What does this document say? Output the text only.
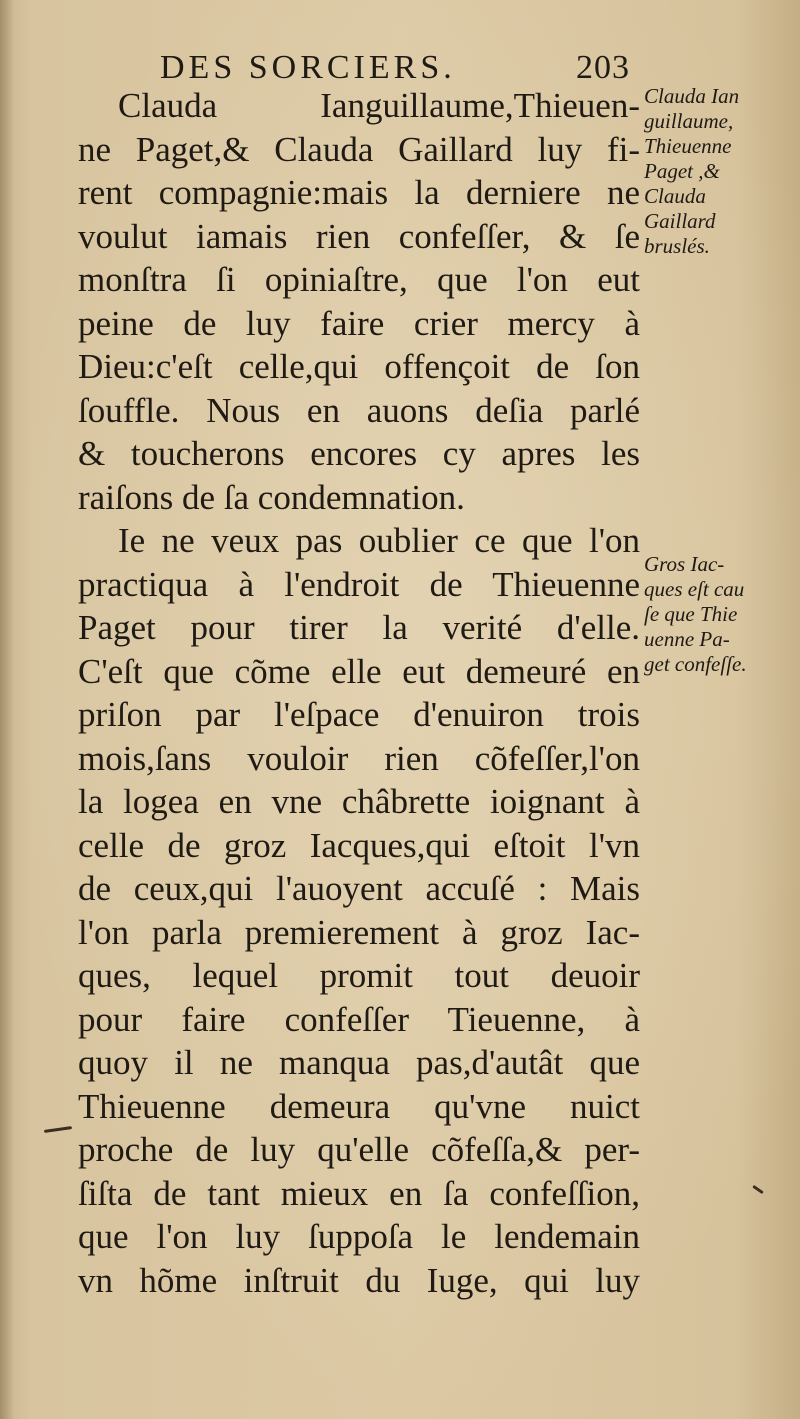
DES SORCIERS.	203
Clauda Ianguillaume,Thieuen-
ne Paget,& Clauda Gaillard luy fi-
rent compagnie:mais la derniere ne
voulut iamais rien confeſſer, & ſe
monſtra ſi opiniaſtre, que l'on eut
peine de luy faire crier mercy à
Dieu:c'eſt celle,qui offençoit de ſon
ſouffle. Nous en auons deſia parlé
& toucherons encores cy apres les
raiſons de ſa condemnation.
Ie ne veux pas oublier ce que l'on
practiqua à l'endroit de Thieuenne
Paget pour tirer la verité d'elle.
C'eſt que cõme elle eut demeuré en
priſon par l'eſpace d'enuiron trois
mois,ſans vouloir rien cõfeſſer,l'on
la logea en vne châbrette ioignant à
celle de groz Iacques,qui eſtoit l'vn
de ceux,qui l'auoyent accuſé : Mais
l'on parla premierement à groz Iac-
ques, lequel promit tout deuoir
pour faire confeſſer Tieuenne, à
quoy il ne manqua pas,d'autât que
Thieuenne demeura qu'vne nuict
proche de luy qu'elle cõfeſſa,& per-
ſiſta de tant mieux en ſa confeſſion,
que l'on luy ſuppoſa le lendemain
vn hõme inſtruit du Iuge, qui luy
Clauda Ian
guillaume,
Thieuenne
Paget ,&
Clauda
Gaillard
bruslés.
Gros Iac-
ques eſt cau
ſe que Thie
uenne Pa-
get confeſſe.
